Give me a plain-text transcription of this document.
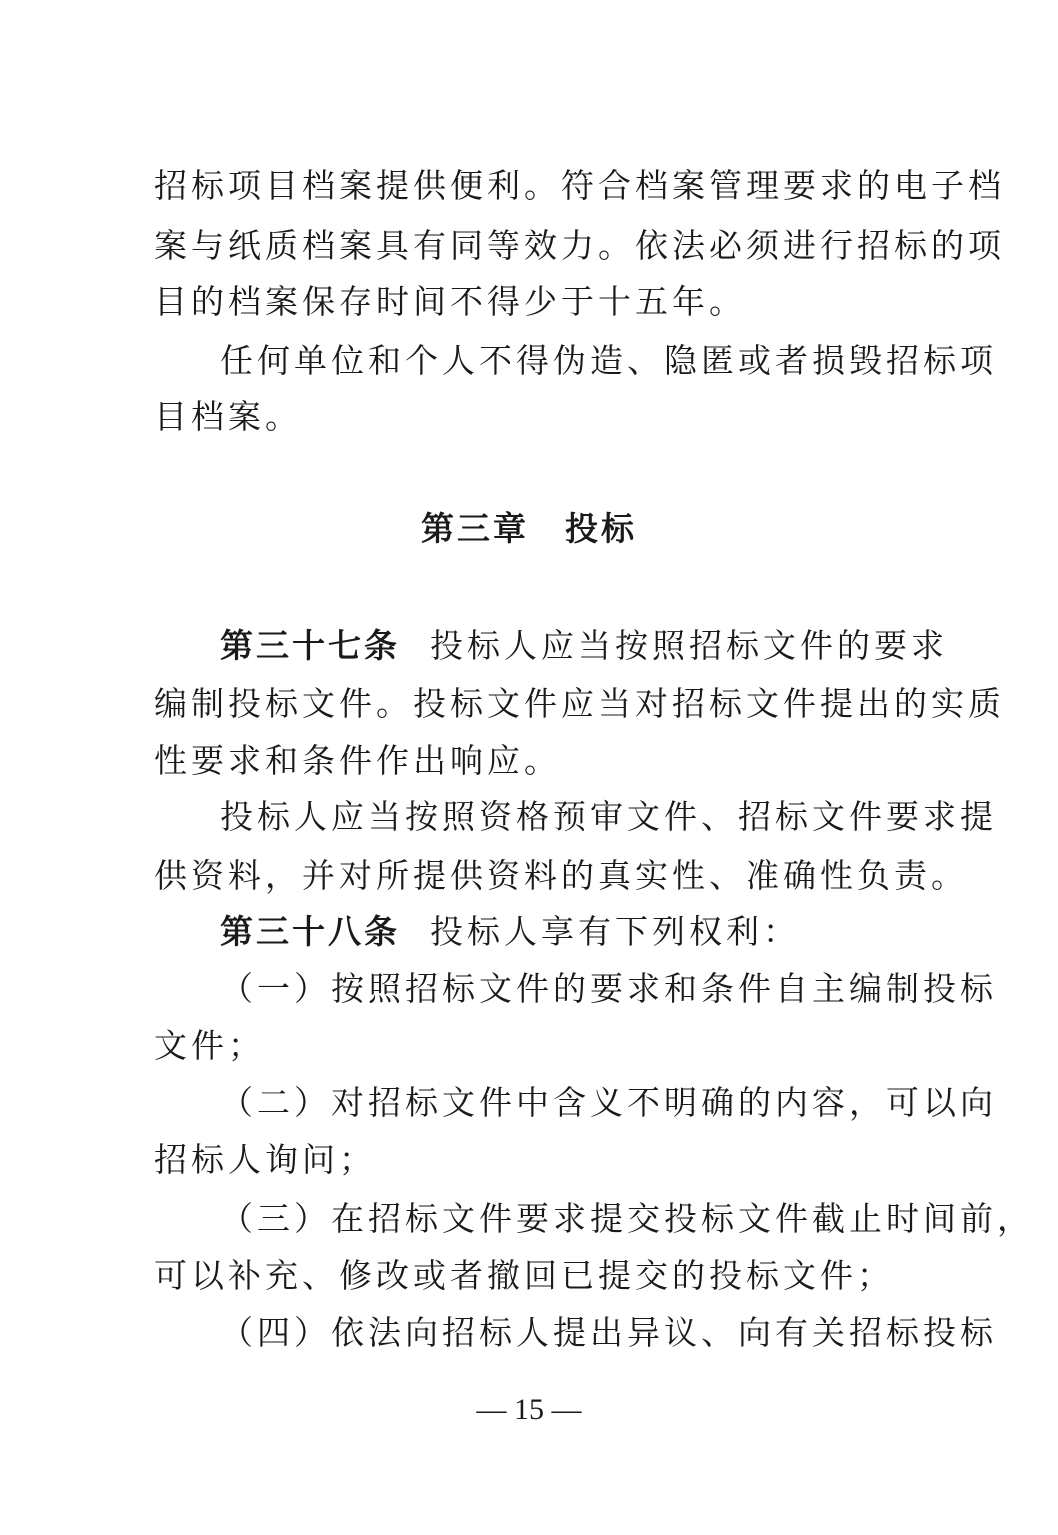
招标项目档案提供便利。符合档案管理要求的电子档
案与纸质档案具有同等效力。依法必须进行招标的项
目的档案保存时间不得少于十五年。
任何单位和个人不得伪造、隐匿或者损毁招标项
目档案。
第三章　投标
第三十七条 投标人应当按照招标文件的要求
编制投标文件。投标文件应当对招标文件提出的实质
性要求和条件作出响应。
投标人应当按照资格预审文件、招标文件要求提
供资料，并对所提供资料的真实性、准确性负责。
第三十八条 投标人享有下列权利：
（一）按照招标文件的要求和条件自主编制投标
文件；
（二）对招标文件中含义不明确的内容，可以向
招标人询问；
（三）在招标文件要求提交投标文件截止时间前，
可以补充、修改或者撤回已提交的投标文件；
（四）依法向招标人提出异议、向有关招标投标
— 15 —
